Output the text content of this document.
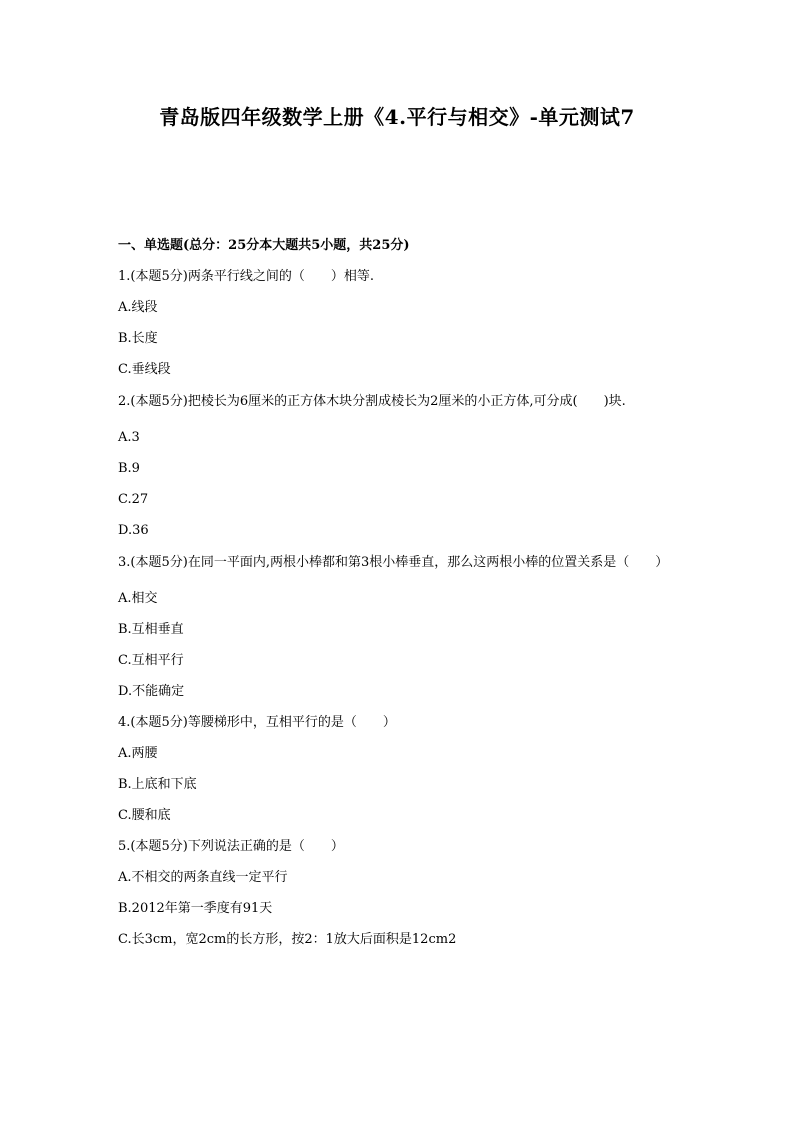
青岛版四年级数学上册《4.平行与相交》-单元测试7
一、单选题(总分：25分本大题共5小题，共25分)
1.(本题5分)两条平行线之间的（　　）相等.
A.线段
B.长度
C.垂线段
2.(本题5分)把棱长为6厘米的正方体木块分割成棱长为2厘米的小正方体,可分成(　　)块.
A.3
B.9
C.27
D.36
3.(本题5分)在同一平面内,两根小棒都和第3根小棒垂直，那么这两根小棒的位置关系是（　　）
A.相交
B.互相垂直
C.互相平行
D.不能确定
4.(本题5分)等腰梯形中，互相平行的是（　　）
A.两腰
B.上底和下底
C.腰和底
5.(本题5分)下列说法正确的是（　　）
A.不相交的两条直线一定平行
B.2012年第一季度有91天
C.长3cm，宽2cm的长方形，按2：1放大后面积是12cm2
